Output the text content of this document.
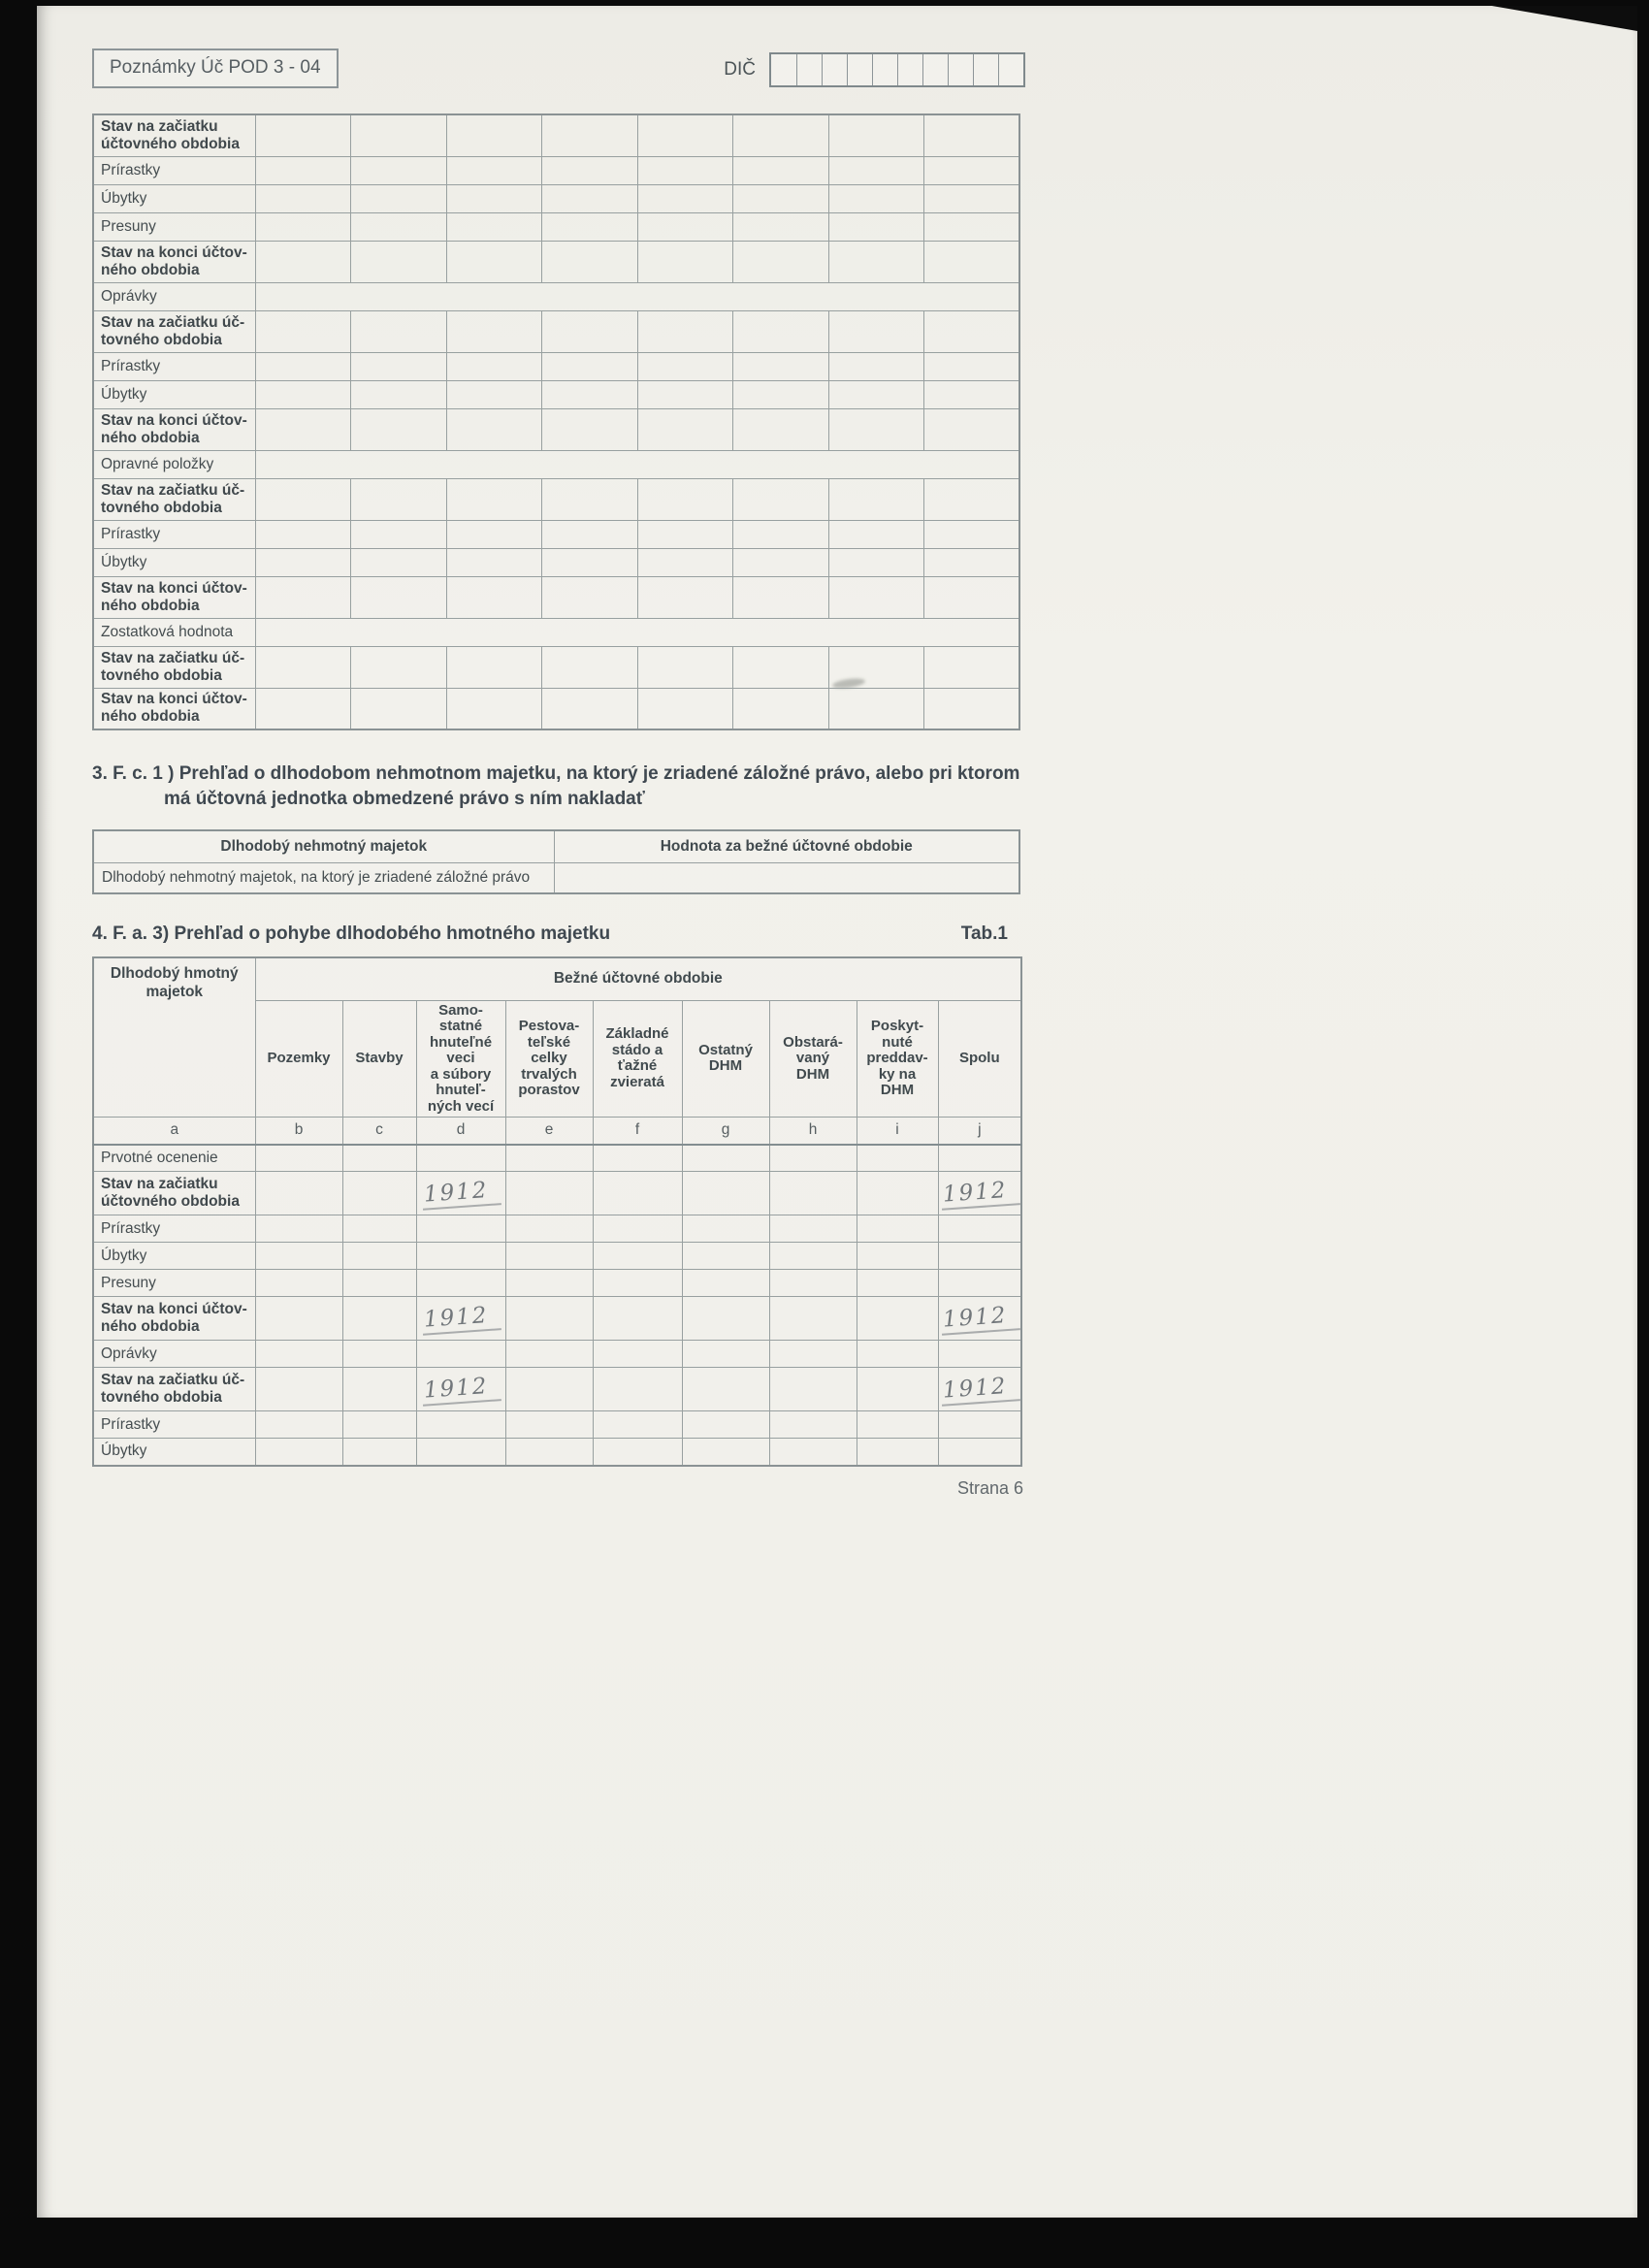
Poznámky Úč POD 3 - 04	DIČ
Stav na začiatku
účtovného obdobia								
Prírastky								
Úbytky								
Presuny								
Stav na konci účtov-
ného obdobia								
Oprávky								
Stav na začiatku úč-
tovného obdobia								
Prírastky								
Úbytky								
Stav na konci účtov-
ného obdobia								
Opravné položky								
Stav na začiatku úč-
tovného obdobia								
Prírastky								
Úbytky								
Stav na konci účtov-
ného obdobia								
Zostatková hodnota								
Stav na začiatku úč-
tovného obdobia								
Stav na konci účtov-
ného obdobia								
3. F. c. 1 ) Prehľad o dlhodobom nehmotnom majetku, na ktorý je zriadené záložné právo, alebo pri ktorom
má účtovná jednotka obmedzené právo s ním nakladať
Dlhodobý nehmotný majetok	Hodnota za bežné účtovné obdobie
Dlhodobý nehmotný majetok, na ktorý je zriadené záložné právo	
4. F. a. 3) Prehľad o pohybe dlhodobého hmotného majetku	Tab.1
Dlhodobý hmotný
majetok	Bežné účtovné obdobie								
Pozemky	Stavby	Samo-
statné
hnuteľné
veci
a súbory
hnuteľ-
ných vecí	Pestova-
teľské
celky
trvalých
porastov	Základné
stádo a
ťažné
zvieratá	Ostatný
DHM	Obstará-
vaný
DHM	Poskyt-
nuté
preddav-
ky na
DHM	Spolu
a	b	c	d	e	f	g	h	i	j
Prvotné ocenenie									
Stav na začiatku
účtovného obdobia			1912						1912
Prírastky									
Úbytky									
Presuny									
Stav na konci účtov-
ného obdobia			1912						1912
Oprávky									
Stav na začiatku úč-
tovného obdobia			1912						1912
Prírastky									
Úbytky									
Strana 6
